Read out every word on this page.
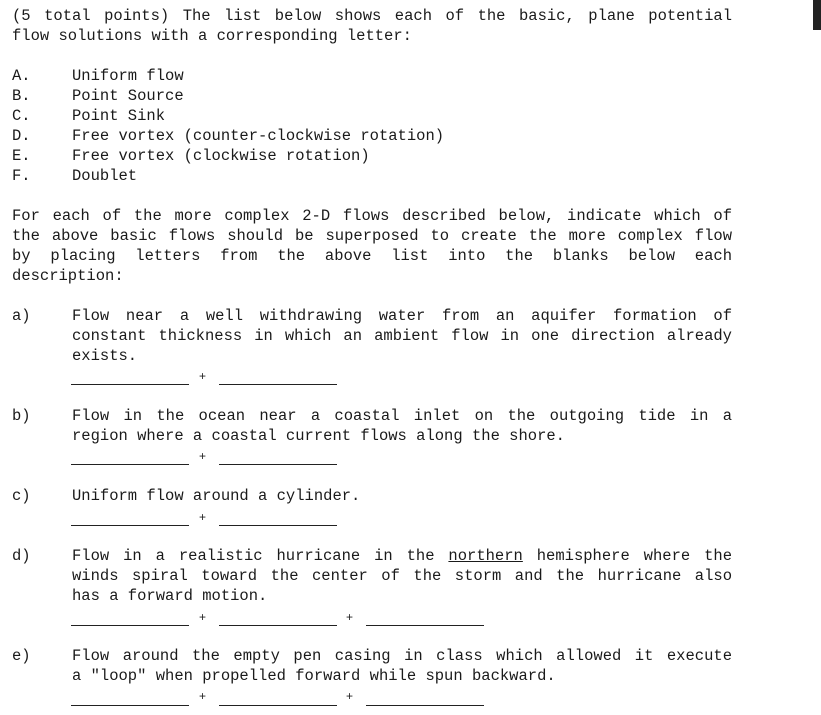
(5 total points) The list below shows each of the basic, plane potential
flow solutions with a corresponding letter:
A.	Uniform flow
B.	Point Source
C.	Point Sink
D.	Free vortex (counter-clockwise rotation)
E.	Free vortex (clockwise rotation)
F.	Doublet
For each of the more complex 2-D flows described below, indicate which of
the above basic flows should be superposed to create the more complex flow
by placing letters from the above list into the blanks below each
description:
a)	Flow near a well withdrawing water from an aquifer formation of
constant thickness in which an ambient flow in one direction already
exists.
+
b)	Flow in the ocean near a coastal inlet on the outgoing tide in a
region where a coastal current flows along the shore.
+
c)	Uniform flow around a cylinder.
+
d)	Flow in a realistic hurricane in the northern hemisphere where the
winds spiral toward the center of the storm and the hurricane also
has a forward motion.
+	+
e)	Flow around the empty pen casing in class which allowed it execute
a "loop" when propelled forward while spun backward.
+	+
